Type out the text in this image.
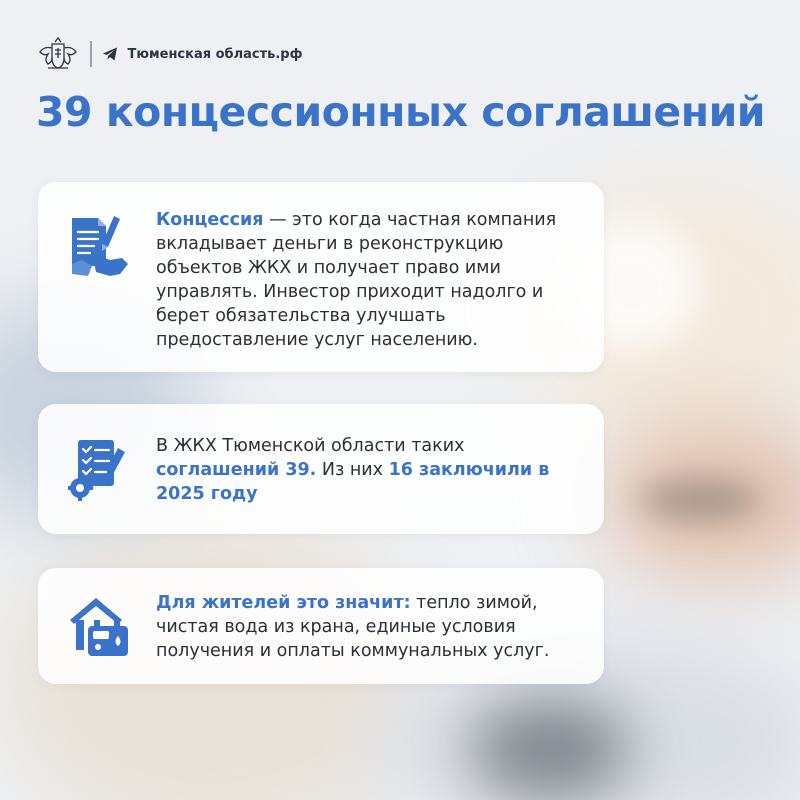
Тюменская область.рф
39 концессионных соглашений
Концессия — это когда частная компания вкладывает деньги в реконструкцию объектов ЖКХ и получает право ими управлять. Инвестор приходит надолго и берет обязательства улучшать предоставление услуг населению.
В ЖКХ Тюменской области таких соглашений 39. Из них 16 заключили в 2025 году
Для жителей это значит: тепло зимой, чистая вода из крана, единые условия получения и оплаты коммунальных услуг.
